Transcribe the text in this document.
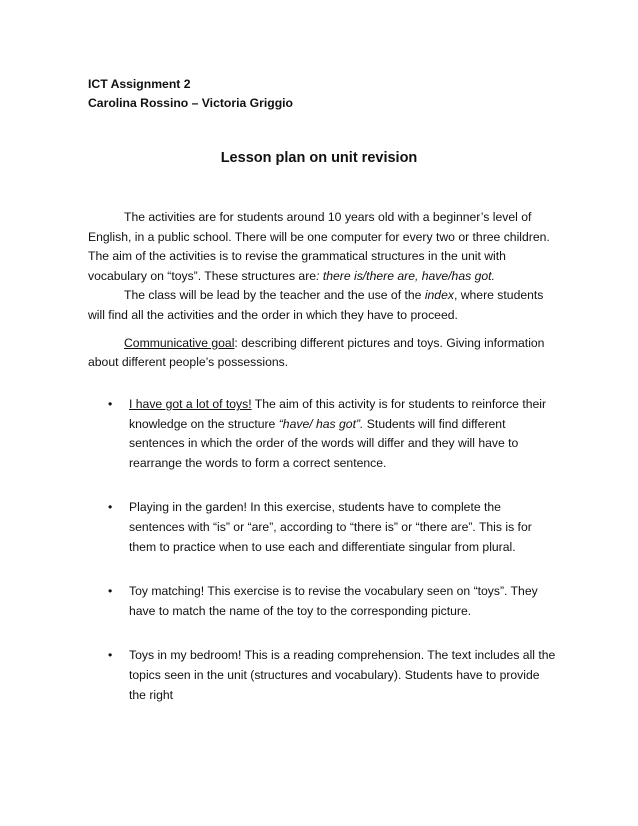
ICT Assignment 2
Carolina Rossino – Victoria Griggio
Lesson plan on unit revision

The activities are for students around 10 years old with a beginner’s level of English, in a public school. There will be one computer for every two or three children. The aim of the activities is to revise the grammatical structures in the unit with vocabulary on “toys”. These structures are: there is/there are, have/has got.

The class will be lead by the teacher and the use of the index, where students will find all the activities and the order in which they have to proceed.

Communicative goal: describing different pictures and toys. Giving information about different people’s possessions.

• I have got a lot of toys! The aim of this activity is for students to reinforce their knowledge on the structure “have/ has got”. Students will find different sentences in which the order of the words will differ and they will have to rearrange the words to form a correct sentence.
• Playing in the garden! In this exercise, students have to complete the sentences with “is” or “are”, according to “there is” or “there are”. This is for them to practice when to use each and differentiate singular from plural.
• Toy matching! This exercise is to revise the vocabulary seen on “toys”. They have to match the name of the toy to the corresponding picture.
• Toys in my bedroom! This is a reading comprehension. The text includes all the topics seen in the unit (structures and vocabulary). Students have to provide the right
